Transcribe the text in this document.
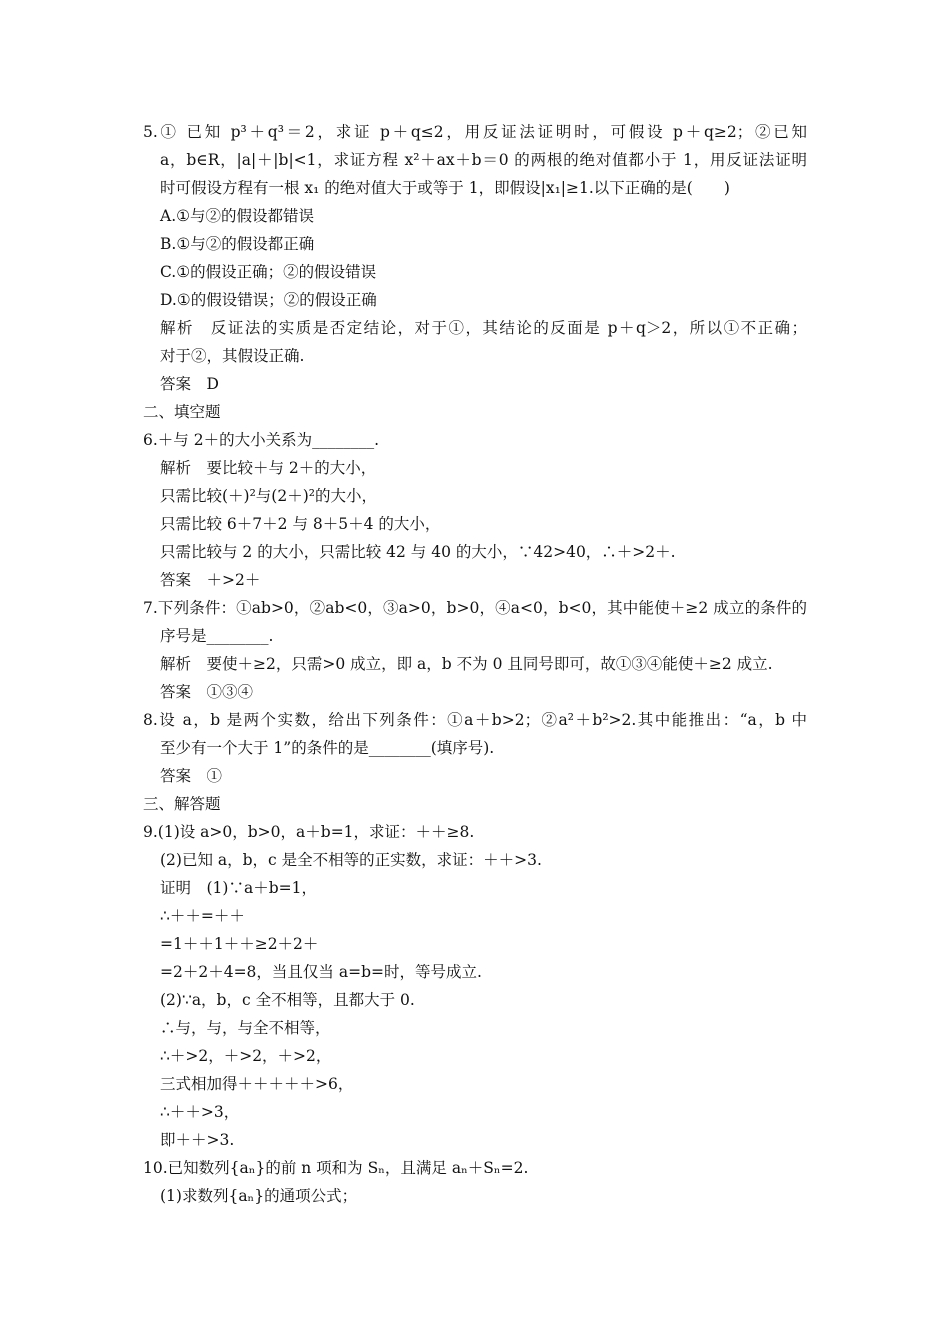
5.① 已知 p³＋q³＝2，求证 p＋q≤2，用反证法证明时，可假设 p＋q≥2；②已知

a，b∈R，|a|＋|b|<1，求证方程 x²＋ax＋b＝0 的两根的绝对值都小于 1，用反证法证明

时可假设方程有一根 x₁ 的绝对值大于或等于 1，即假设|x₁|≥1.以下正确的是(　　)

A.①与②的假设都错误

B.①与②的假设都正确

C.①的假设正确；②的假设错误

D.①的假设错误；②的假设正确

解析　反证法的实质是否定结论，对于①，其结论的反面是 p＋q＞2，所以①不正确；

对于②，其假设正确.

答案　D

二、填空题

6.＋与 2＋的大小关系为________.

解析　要比较＋与 2＋的大小，

只需比较(＋)²与(2＋)²的大小，

只需比较 6＋7＋2 与 8＋5＋4 的大小，

只需比较与 2 的大小，只需比较 42 与 40 的大小，∵42>40，∴＋>2＋.

答案　＋>2＋

7.下列条件：①ab>0，②ab<0，③a>0，b>0，④a<0，b<0，其中能使＋≥2 成立的条件的

序号是________.

解析　要使＋≥2，只需>0 成立，即 a，b 不为 0 且同号即可，故①③④能使＋≥2 成立.

答案　①③④

8.设 a，b 是两个实数，给出下列条件：①a＋b>2；②a²＋b²>2.其中能推出：“a，b 中

至少有一个大于 1”的条件的是________(填序号).

答案　①

三、解答题

9.(1)设 a>0，b>0，a＋b=1，求证：＋＋≥8.

(2)已知 a，b，c 是全不相等的正实数，求证：＋＋>3.

证明　(1)∵a＋b=1，

∴＋＋=＋＋

=1＋＋1＋＋≥2＋2＋

=2＋2＋4=8，当且仅当 a=b=时，等号成立.

(2)∵a，b，c 全不相等，且都大于 0.

∴与，与，与全不相等，

∴＋>2，＋>2，＋>2，

三式相加得＋＋＋＋＋>6，

∴＋＋>3，

即＋＋>3.

10.已知数列{aₙ}的前 n 项和为 Sₙ，且满足 aₙ＋Sₙ=2.

(1)求数列{aₙ}的通项公式；
